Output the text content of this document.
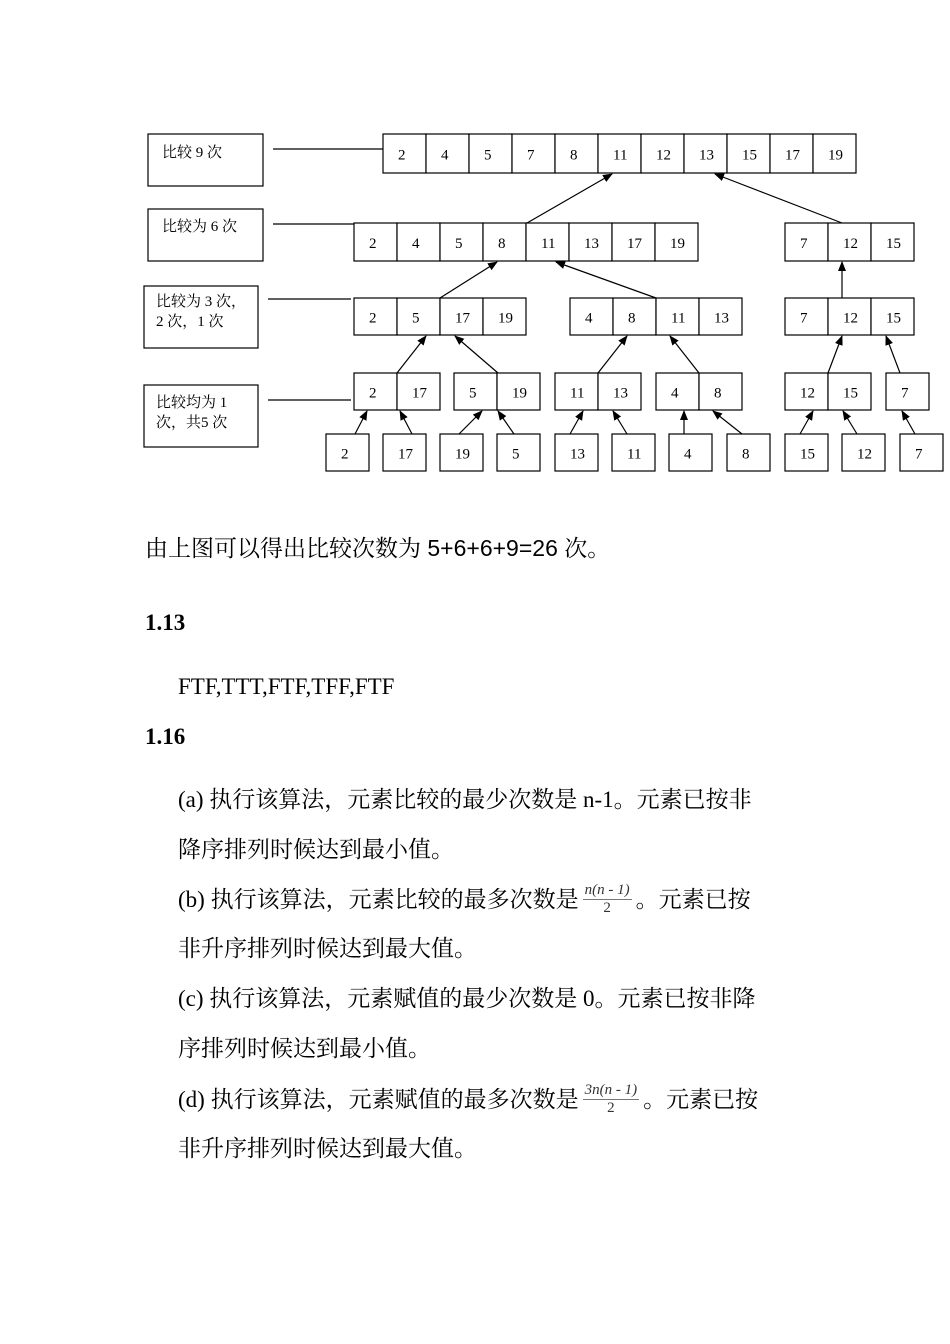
比较 9 次
比较为 6 次
比较为 3 次，
2 次，1 次
比较均为 1
次，共5 次
2 4 5 7 8 11 12 13 15 17 19
2 4 5 8 11 13 17 19	7 12 15
2 5 17 19	4 8 11 13	7 12 15
2 17	5 19	11 13	4 8	12 15	7
2	17	19	5	13	11	4	8	15	12	7
由上图可以得出比较次数为 5+6+6+9=26 次。
1.13
FTF,TTT,FTF,TFF,FTF
1.16
(a) 执行该算法，元素比较的最少次数是 n-1。元素已按非
降序排列时候达到最小值。
(b) 执行该算法，元素比较的最多次数是 $\frac{n(n - 1)}{2}$ 。元素已按
非升序排列时候达到最大值。
(c) 执行该算法，元素赋值的最少次数是 0。元素已按非降
序排列时候达到最小值。
(d) 执行该算法，元素赋值的最多次数是 $\frac{3n(n - 1)}{2}$ 。元素已按
非升序排列时候达到最大值。
